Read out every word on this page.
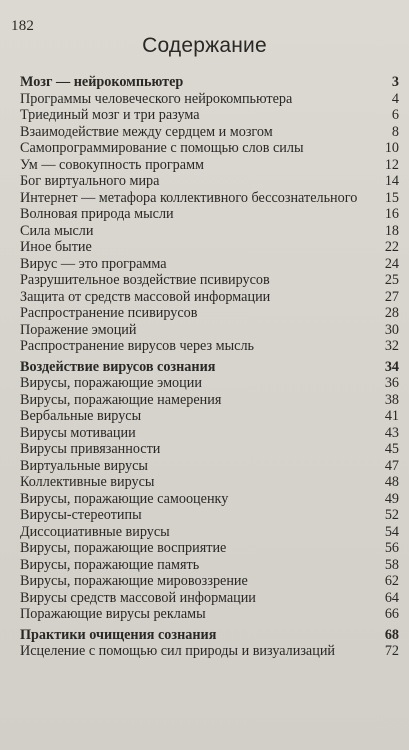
182
Содержание
Мозг — нейрокомпьютер	3
Программы человеческого нейрокомпьютера	4
Триединый мозг и три разума	6
Взаимодействие между сердцем и мозгом	8
Самопрограммирование с помощью слов силы	10
Ум — совокупность программ	12
Бог виртуального мира	14
Интернет — метафора коллективного бессознательного	15
Волновая природа мысли	16
Сила мысли	18
Иное бытие	22
Вирус — это программа	24
Разрушительное воздействие псивирусов	25
Защита от средств массовой информации	27
Распространение псивирусов	28
Поражение эмоций	30
Распространение вирусов через мысль	32
Воздействие вирусов сознания	34
Вирусы, поражающие эмоции	36
Вирусы, поражающие намерения	38
Вербальные вирусы	41
Вирусы мотивации	43
Вирусы привязанности	45
Виртуальные вирусы	47
Коллективные вирусы	48
Вирусы, поражающие самооценку	49
Вирусы-стереотипы	52
Диссоциативные вирусы	54
Вирусы, поражающие восприятие	56
Вирусы, поражающие память	58
Вирусы, поражающие мировоззрение	62
Вирусы средств массовой информации	64
Поражающие вирусы рекламы	66
Практики очищения сознания	68
Исцеление с помощью сил природы и визуализаций	72
